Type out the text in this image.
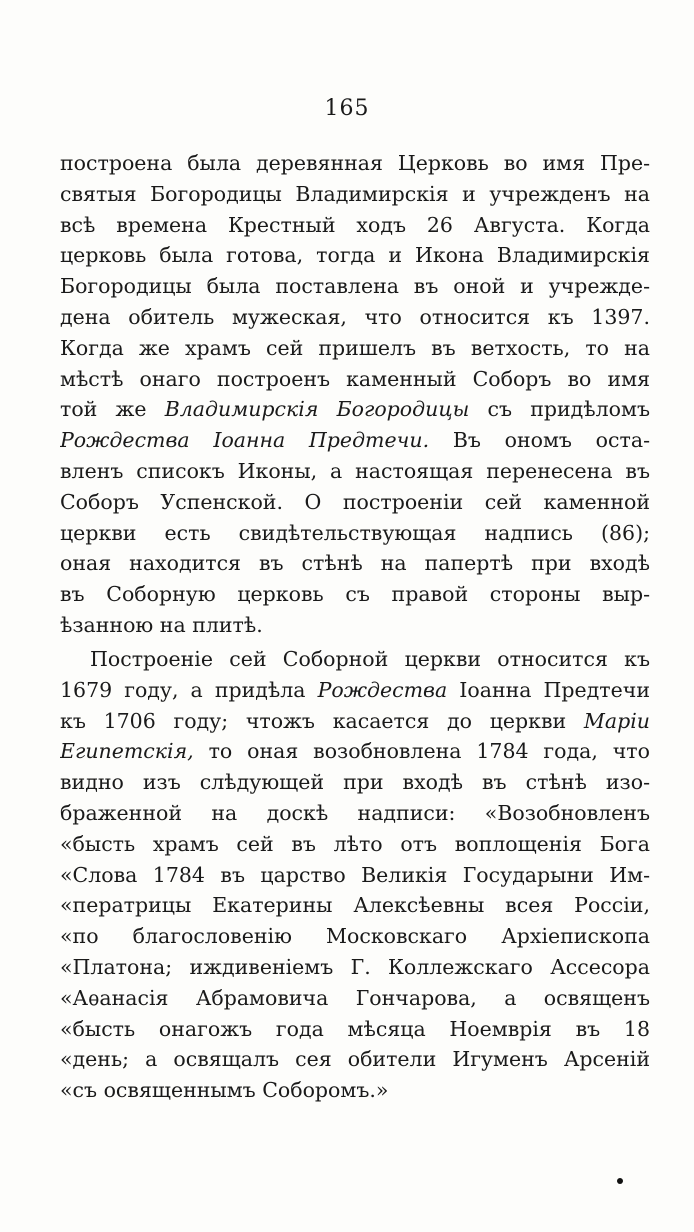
165
построена была деревянная Церковь во имя Пре-
святыя Богородицы Владимирскія и учрежденъ на
всѣ времена Крестный ходъ 26 Августа. Когда
церковь была готова, тогда и Икона Владимирскія
Богородицы была поставлена въ оной и учрежде-
дена обитель мужеская, что относится къ 1397.
Когда же храмъ сей пришелъ въ ветхость, то на
мѣстѣ онаго построенъ каменный Соборъ во имя
той же Владимирскія Богородицы съ придѣломъ
Рождества Іоанна Предтечи. Въ ономъ оста-
вленъ списокъ Иконы, а настоящая перенесена въ
Соборъ Успенской. О построеніи сей каменной
церкви есть свидѣтельствующая надпись (86);
оная находится въ стѣнѣ на папертѣ при входѣ
въ Соборную церковь съ правой стороны выр-
ѣзанною на плитѣ.
Построеніе сей Соборной церкви относится къ
1679 году, а придѣла Рождества Іоанна Предтечи
къ 1706 году; чтожъ касается до церкви Маріи
Египетскія, то оная возобновлена 1784 года, что
видно изъ слѣдующей при входѣ въ стѣнѣ изо-
браженной на доскѣ надписи: «Возобновленъ
«бысть храмъ сей въ лѣто отъ воплощенія Бога
«Слова 1784 въ царство Великія Государыни Им-
«ператрицы Екатерины Алексѣевны всея Россіи,
«по благословенію Московскаго Архіепископа
«Платона; иждивеніемъ Г. Коллежскаго Ассесора
«Аѳанасія Абрамовича Гончарова, а освященъ
«бысть онагожъ года мѣсяца Ноемврія въ 18
«день; а освящалъ сея обители Игуменъ Арсеній
«съ освященнымъ Соборомъ.»
